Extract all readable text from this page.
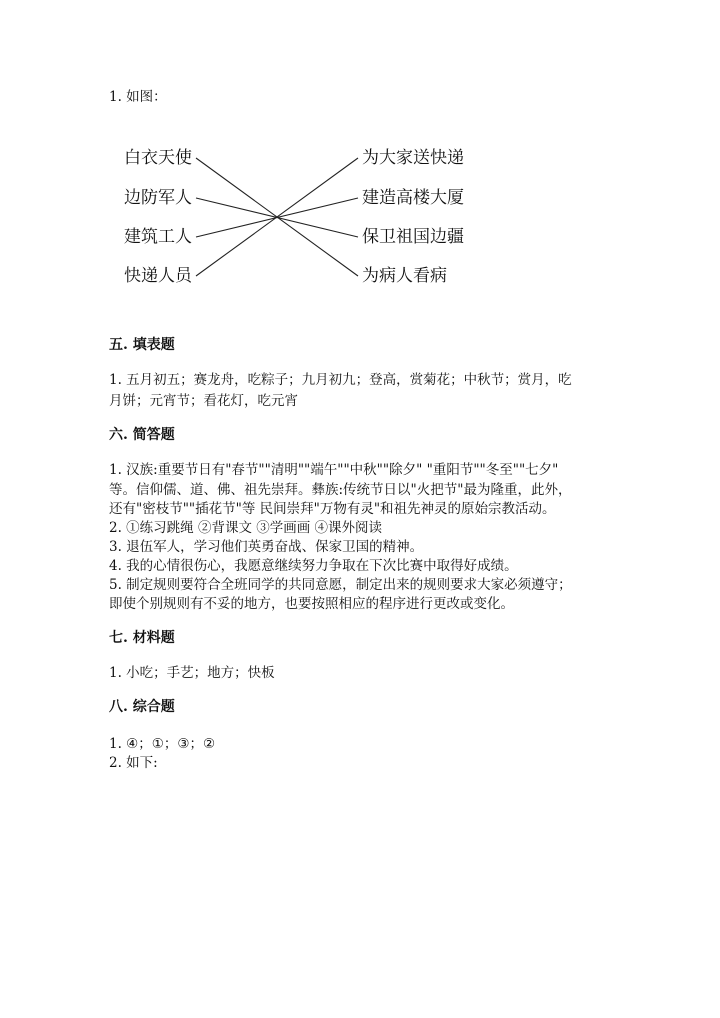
1. 如图：
白衣天使
边防军人
建筑工人
快递人员
为大家送快递
建造高楼大厦
保卫祖国边疆
为病人看病
五. 填表题
1. 五月初五；赛龙舟，吃粽子；九月初九；登高，赏菊花；中秋节；赏月，吃
月饼；元宵节；看花灯，吃元宵
六. 简答题
1. 汉族:重要节日有"春节""清明""端午""中秋""除夕" "重阳节""冬至""七夕"
等。信仰儒、道、佛、祖先崇拜。彝族:传统节日以"火把节"最为隆重，此外，
还有"密枝节""插花节"等 民间崇拜"万物有灵"和祖先神灵的原始宗教活动。
2. ①练习跳绳 ②背课文 ③学画画 ④课外阅读
3. 退伍军人，学习他们英勇奋战、保家卫国的精神。
4. 我的心情很伤心，我愿意继续努力争取在下次比赛中取得好成绩。
5. 制定规则要符合全班同学的共同意愿，制定出来的规则要求大家必须遵守；
即使个别规则有不妥的地方，也要按照相应的程序进行更改或变化。
七. 材料题
1. 小吃；手艺；地方；快板
八. 综合题
1. ④；①；③；②
2. 如下:
